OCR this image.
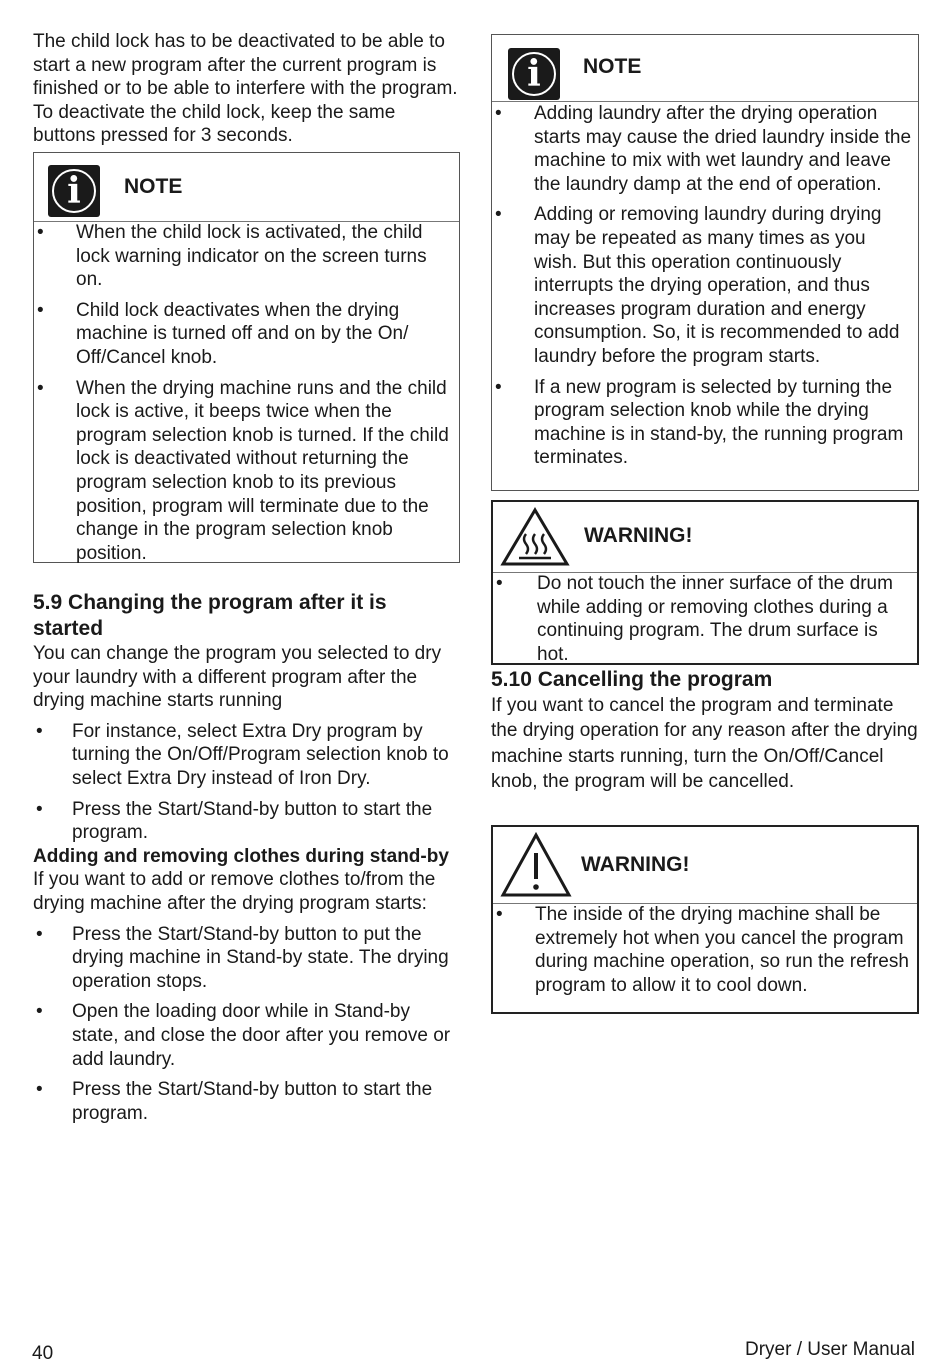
The child lock has to be deactivated to be able to start a new program after the current program is finished or to be able to interfere with the program. To deactivate the child lock, keep the same buttons pressed for 3 seconds.

i	NOTE
• When the child lock is activated, the child lock warning indicator on the screen turns on.
• Child lock deactivates when the drying machine is turned off and on by the On/ Off/Cancel knob.
• When the drying machine runs and the child lock is active, it beeps twice when the program selection knob is turned. If the child lock is deactivated without returning the program selection knob to its previous position, program will terminate due to the change in the program selection knob position.
5.9 Changing the program after it is started

You can change the program you selected to dry your laundry with a different program after the drying machine starts running

• For instance, select Extra Dry program by turning the On/Off/Program selection knob to select Extra Dry instead of Iron Dry.
• Press the Start/Stand-by button to start the program.
Adding and removing clothes during stand-by

If you want to add or remove clothes to/from the drying machine after the drying program starts:

• Press the Start/Stand-by button to put the drying machine in Stand-by state. The drying operation stops.
• Open the loading door while in Stand-by state, and close the door after you remove or add laundry.
• Press the Start/Stand-by button to start the program.
i	NOTE
• Adding laundry after the drying operation starts may cause the dried laundry inside the machine to mix with wet laundry and leave the laundry damp at the end of operation.
• Adding or removing laundry during drying may be repeated as many times as you wish. But this operation continuously interrupts the drying operation, and thus increases program duration and energy consumption. So, it is recommended to add laundry before the program starts.
• If a new program is selected by turning the program selection knob while the drying machine is in stand-by, the running program terminates.
WARNING!
• Do not touch the inner surface of the drum while adding or removing clothes during a continuing program. The drum surface is hot.
5.10 Cancelling the program

If you want to cancel the program and terminate the drying operation for any reason after the drying machine starts running, turn the On/Off/Cancel knob, the program will be cancelled.

WARNING!
• The inside of the drying machine shall be extremely hot when you cancel the program during machine operation, so run the refresh program to allow it to cool down.
40	Dryer / User Manual
